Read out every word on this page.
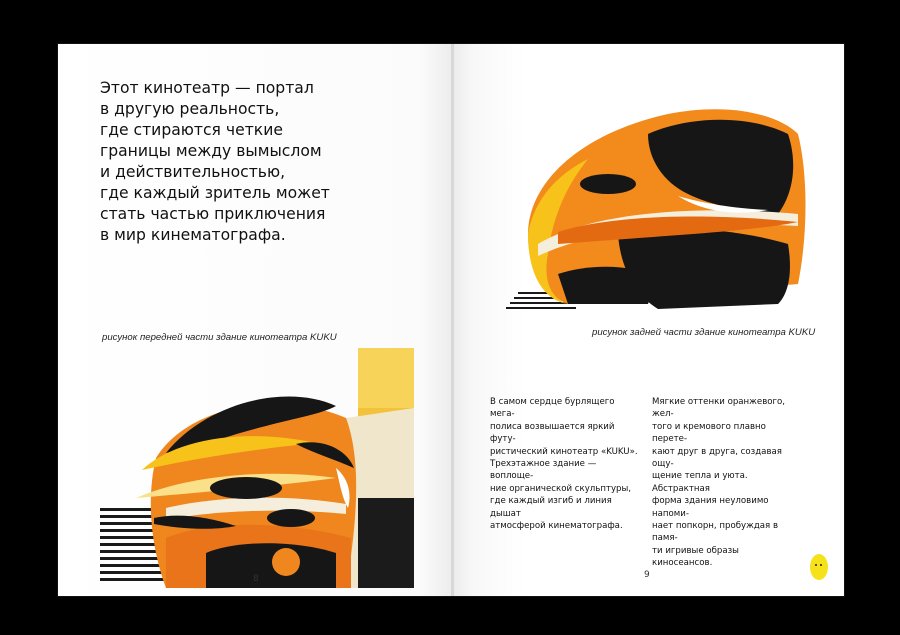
Этот кинотеатр — портал
в другую реальность,
где стираются четкие
границы между вымыслом
и действительностью,
где каждый зритель может
стать частью приключения
в мир кинематографа.
рисунок передней части здание кинотеатра KUKU
8
рисунок задней части здание кинотеатра KUKU

В самом сердце бурлящего мега-
полиса возвышается яркий футу-
ристический кинотеатр «KUKU».
Трехэтажное здание — воплоще-
ние органической скульптуры,
где каждый изгиб и линия дышат
атмосферой кинематографа.

Мягкие оттенки оранжевого, жел-
того и кремового плавно перете-
кают друг в друга, создавая ощу-
щение тепла и уюта. Абстрактная
форма здания неуловимо напоми-
нает попкорн, пробуждая в памя-
ти игривые образы киносеансов.

9
